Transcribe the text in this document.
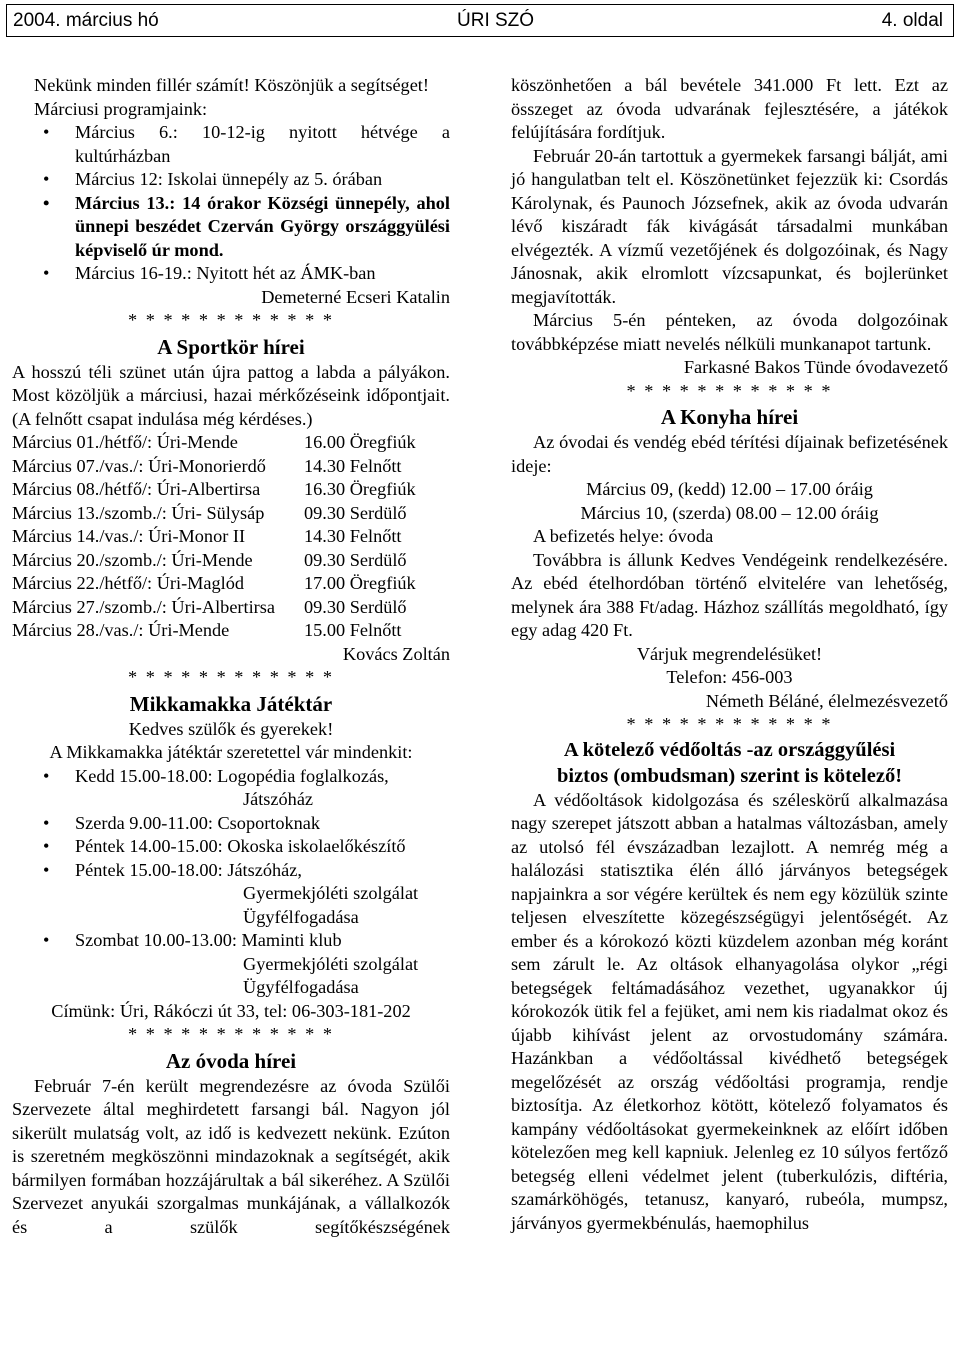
2004. március hó	ÚRI SZÓ	4. oldal

Nekünk minden fillér számít! Köszönjük a segítséget!

Márciusi programjaink:

• Március 6.: 10-12-ig nyitott hétvége a kultúrházban
• Március 12: Iskolai ünnepély az 5. órában
• Március 13.: 14 órakor Községi ünnepély, ahol ünnepi beszédet Czerván György országgyülési képviselő úr mond.
• Március 16-19.: Nyitott hét az ÁMK-ban

Demeterné Ecseri Katalin

* * * * * * * * * * * *

A Sportkör hírei

A hosszú téli szünet után újra pattog a labda a pályákon. Most közöljük a márciusi, hazai mérkőzéseink időpontjait. (A felnőtt csapat indulása még kérdéses.)

Március 01./hétfő/: Úri-Mende	16.00 Öregfiúk
Március 07./vas./: Úri-Monorierdő	14.30 Felnőtt
Március 08./hétfő/: Úri-Albertirsa	16.30 Öregfiúk
Március 13./szomb./: Úri- Sülysáp	09.30 Serdülő
Március 14./vas./: Úri-Monor II	14.30 Felnőtt
Március 20./szomb./: Úri-Mende	09.30 Serdülő
Március 22./hétfő/: Úri-Maglód	17.00 Öregfiúk
Március 27./szomb./: Úri-Albertirsa	09.30 Serdülő
Március 28./vas./: Úri-Mende	15.00 Felnőtt

Kovács Zoltán

* * * * * * * * * * * *

Mikkamakka Játéktár

Kedves szülők és gyerekek!

A Mikkamakka játéktár szeretettel vár mindenkit:

• Kedd 15.00-18.00: Logopédia foglalkozás,
Játszóház
• Szerda 9.00-11.00: Csoportoknak
• Péntek 14.00-15.00: Okoska iskolaelőkészítő
• Péntek 15.00-18.00: Játszóház,
Gyermekjóléti szolgálat
Ügyfélfogadása
• Szombat 10.00-13.00: Maminti klub
Gyermekjóléti szolgálat
Ügyfélfogadása

Címünk: Úri, Rákóczi út 33, tel: 06-303-181-202

* * * * * * * * * * * *

Az óvoda hírei

Február 7-én került megrendezésre az óvoda Szülői Szervezete által meghirdetett farsangi bál. Nagyon jól sikerült mulatság volt, az idő is kedvezett nekünk. Ezúton is szeretném megköszönni mindazoknak a segítségét, akik bármilyen formában hozzájárultak a bál sikeréhez. A Szülői Szervezet anyukái szorgalmas munkájának, a vállalkozók és a szülők segítőkészségének

köszönhetően a bál bevétele 341.000 Ft lett. Ezt az összeget az óvoda udvarának fejlesztésére, a játékok felújítására fordítjuk.

Február 20-án tartottuk a gyermekek farsangi bálját, ami jó hangulatban telt el. Köszönetünket fejezzük ki: Csordás Károlynak, és Paunoch Józsefnek, akik az óvoda udvarán lévő kiszáradt fák kivágását társadalmi munkában elvégezték. A vízmű vezetőjének és dolgozóinak, és Nagy Jánosnak, akik elromlott vízcsapunkat, és bojlerünket megjavították.

Március 5-én pénteken, az óvoda dolgozóinak továbbképzése miatt nevelés nélküli munkanapot tartunk.

Farkasné Bakos Tünde óvodavezető

* * * * * * * * * * * *

A Konyha hírei

Az óvodai és vendég ebéd térítési díjainak befizetésének ideje:

Március 09, (kedd) 12.00 – 17.00 óráig

Március 10, (szerda) 08.00 – 12.00 óráig

A befizetés helye: óvoda

Továbbra is állunk Kedves Vendégeink rendelkezésére. Az ebéd ételhordóban történő elvitelére van lehetőség, melynek ára 388 Ft/adag. Házhoz szállítás megoldható, így egy adag 420 Ft.

Várjuk megrendelésüket!

Telefon: 456-003

Németh Béláné, élelmezésvezető

* * * * * * * * * * * *

A kötelező védőoltás -az országgyűlési

biztos (ombudsman) szerint is kötelező!

A védőoltások kidolgozása és széleskörű alkalmazása nagy szerepet játszott abban a hatalmas változásban, amely az utolsó fél évszázadban lezajlott. A nemrég még a halálozási statisztika élén álló járványos betegségek napjainkra a sor végére kerültek és nem egy közülük szinte teljesen elveszítette közegészségügyi jelentőségét. Az ember és a kórokozó közti küzdelem azonban még koránt sem zárult le. Az oltások elhanyagolása olykor „régi betegségek feltámadásához vezethet, ugyanakkor új kórokozók ütik fel a fejüket, ami nem kis riadalmat okoz és újabb kihívást jelent az orvostudomány számára. Hazánkban a védőoltással kivédhető betegségek megelőzését az ország védőoltási programja, rendje biztosítja. Az életkorhoz kötött, kötelező folyamatos és kampány védőoltásokat gyermekeinknek az előírt időben kötelezően meg kell kapniuk. Jelenleg ez 10 súlyos fertőző betegség elleni védelmet jelent (tuberkulózis, diftéria, szamárköhögés, tetanusz, kanyaró, rubeóla, mumpsz, járványos gyermekbénulás, haemophilus
